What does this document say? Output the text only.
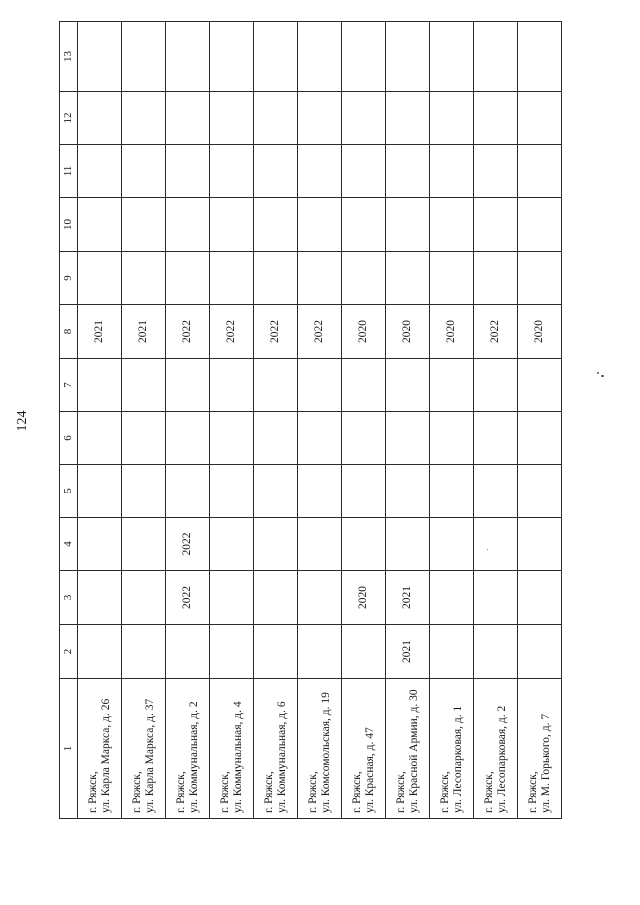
124
1	2	3	4	5	6	7	8	9	10	11	12	13

г. Ряжск, ул. Карла Маркса, д. 26							2021					

г. Ряжск, ул. Карла Маркса, д. 37							2021					

г. Ряжск, ул. Коммунальная, д. 2		2022	2022				2022					

г. Ряжск, ул. Коммунальная, д. 4							2022					

г. Ряжск, ул. Коммунальная, д. 6							2022					

г. Ряжск, ул. Комсомольская, д. 19							2022					

г. Ряжск, ул. Красная, д. 47		2020					2020					

г. Ряжск, ул. Красной Армии, д. 30	2021	2021					2020					

г. Ряжск, ул. Лесопарковая, д. 1							2020					

г. Ряжск, ул. Лесопарковая, д. 2							2022					

г. Ряжск, ул. М. Горького, д. 7							2020					
